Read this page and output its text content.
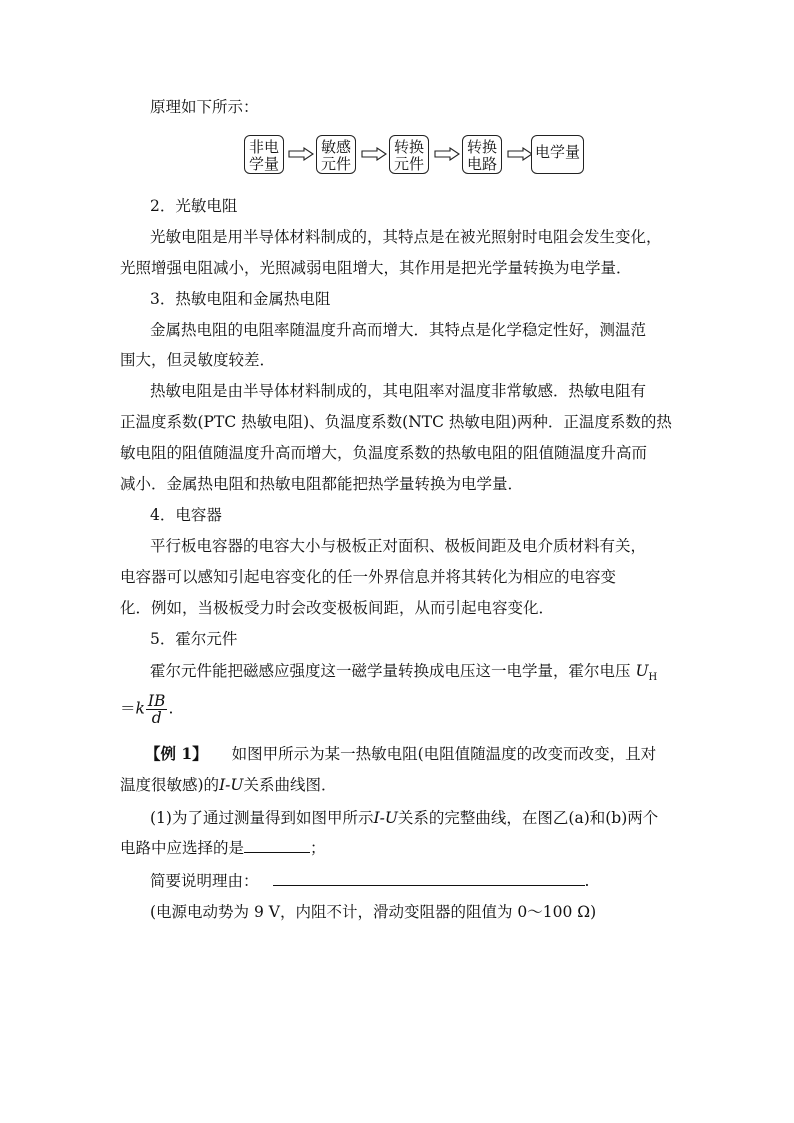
原理如下所示：
非电
学量
敏感
元件
转换
元件
转换
电路
电学量
2．光敏电阻
光敏电阻是用半导体材料制成的，其特点是在被光照射时电阻会发生变化，
光照增强电阻减小，光照减弱电阻增大，其作用是把光学量转换为电学量．
3．热敏电阻和金属热电阻
金属热电阻的电阻率随温度升高而增大．其特点是化学稳定性好，测温范
围大，但灵敏度较差．
热敏电阻是由半导体材料制成的，其电阻率对温度非常敏感．热敏电阻有
正温度系数(PTC 热敏电阻)、负温度系数(NTC 热敏电阻)两种．正温度系数的热
敏电阻的阻值随温度升高而增大，负温度系数的热敏电阻的阻值随温度升高而
减小．金属热电阻和热敏电阻都能把热学量转换为电学量．
4．电容器
平行板电容器的电容大小与极板正对面积、极板间距及电介质材料有关，
电容器可以感知引起电容变化的任一外界信息并将其转化为相应的电容变
化．例如，当极板受力时会改变极板间距，从而引起电容变化．
5．霍尔元件
霍尔元件能把磁感应强度这一磁学量转换成电压这一电学量，霍尔电压 $U_H$
$=k \frac{IB}{d}$ .
【例 1】 如图甲所示为某一热敏电阻(电阻值随温度的改变而改变，且对
温度很敏感)的I-U关系曲线图．
(1)为了通过测量得到如图甲所示I-U关系的完整曲线，在图乙(a)和(b)两个
电路中应选择的是	；
简要说明理由：	.
(电源电动势为 9 V，内阻不计，滑动变阻器的阻值为 0～100 Ω)
